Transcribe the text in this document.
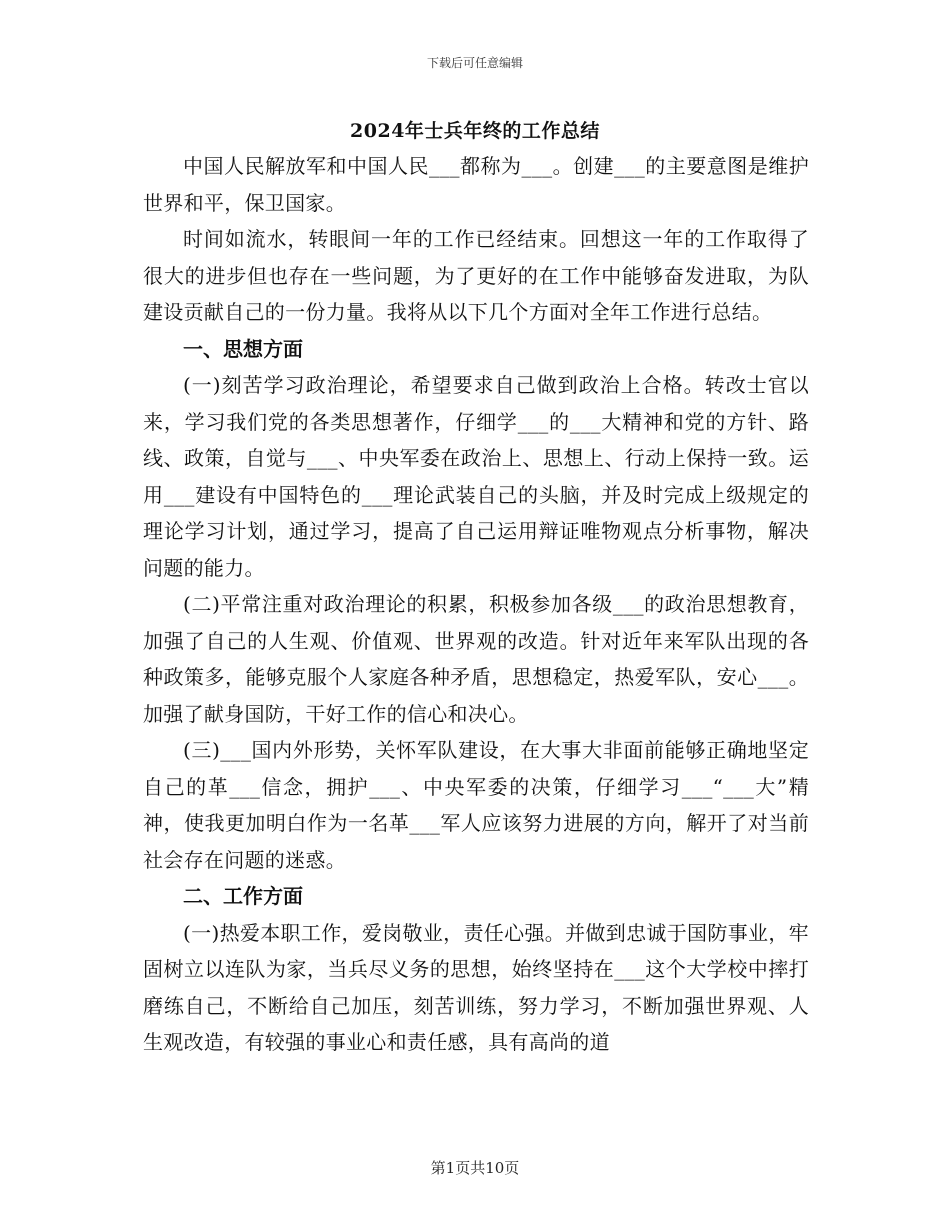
下载后可任意编辑
2024年士兵年终的工作总结

中国人民解放军和中国人民___都称为___。创建___的主要意图是维护世界和平，保卫国家。

时间如流水，转眼间一年的工作已经结束。回想这一年的工作取得了很大的进步但也存在一些问题，为了更好的在工作中能够奋发进取，为队建设贡献自己的一份力量。我将从以下几个方面对全年工作进行总结。

一、思想方面

(一)刻苦学习政治理论，希望要求自己做到政治上合格。转改士官以来，学习我们党的各类思想著作，仔细学___的___大精神和党的方针、路线、政策，自觉与___、中央军委在政治上、思想上、行动上保持一致。运用___建设有中国特色的___理论武装自己的头脑，并及时完成上级规定的理论学习计划，通过学习，提高了自己运用辩证唯物观点分析事物，解决问题的能力。

(二)平常注重对政治理论的积累，积极参加各级___的政治思想教育，加强了自己的人生观、价值观、世界观的改造。针对近年来军队出现的各种政策多，能够克服个人家庭各种矛盾，思想稳定，热爱军队，安心___。加强了献身国防，干好工作的信心和决心。

(三)___国内外形势，关怀军队建设，在大事大非面前能够正确地坚定自己的革___信念，拥护___、中央军委的决策，仔细学习___“___大”精神，使我更加明白作为一名革___军人应该努力进展的方向，解开了对当前社会存在问题的迷惑。

二、工作方面

(一)热爱本职工作，爱岗敬业，责任心强。并做到忠诚于国防事业，牢固树立以连队为家，当兵尽义务的思想，始终坚持在___这个大学校中摔打磨练自己，不断给自己加压，刻苦训练，努力学习，不断加强世界观、人生观改造，有较强的事业心和责任感，具有高尚的道

第1页共10页
